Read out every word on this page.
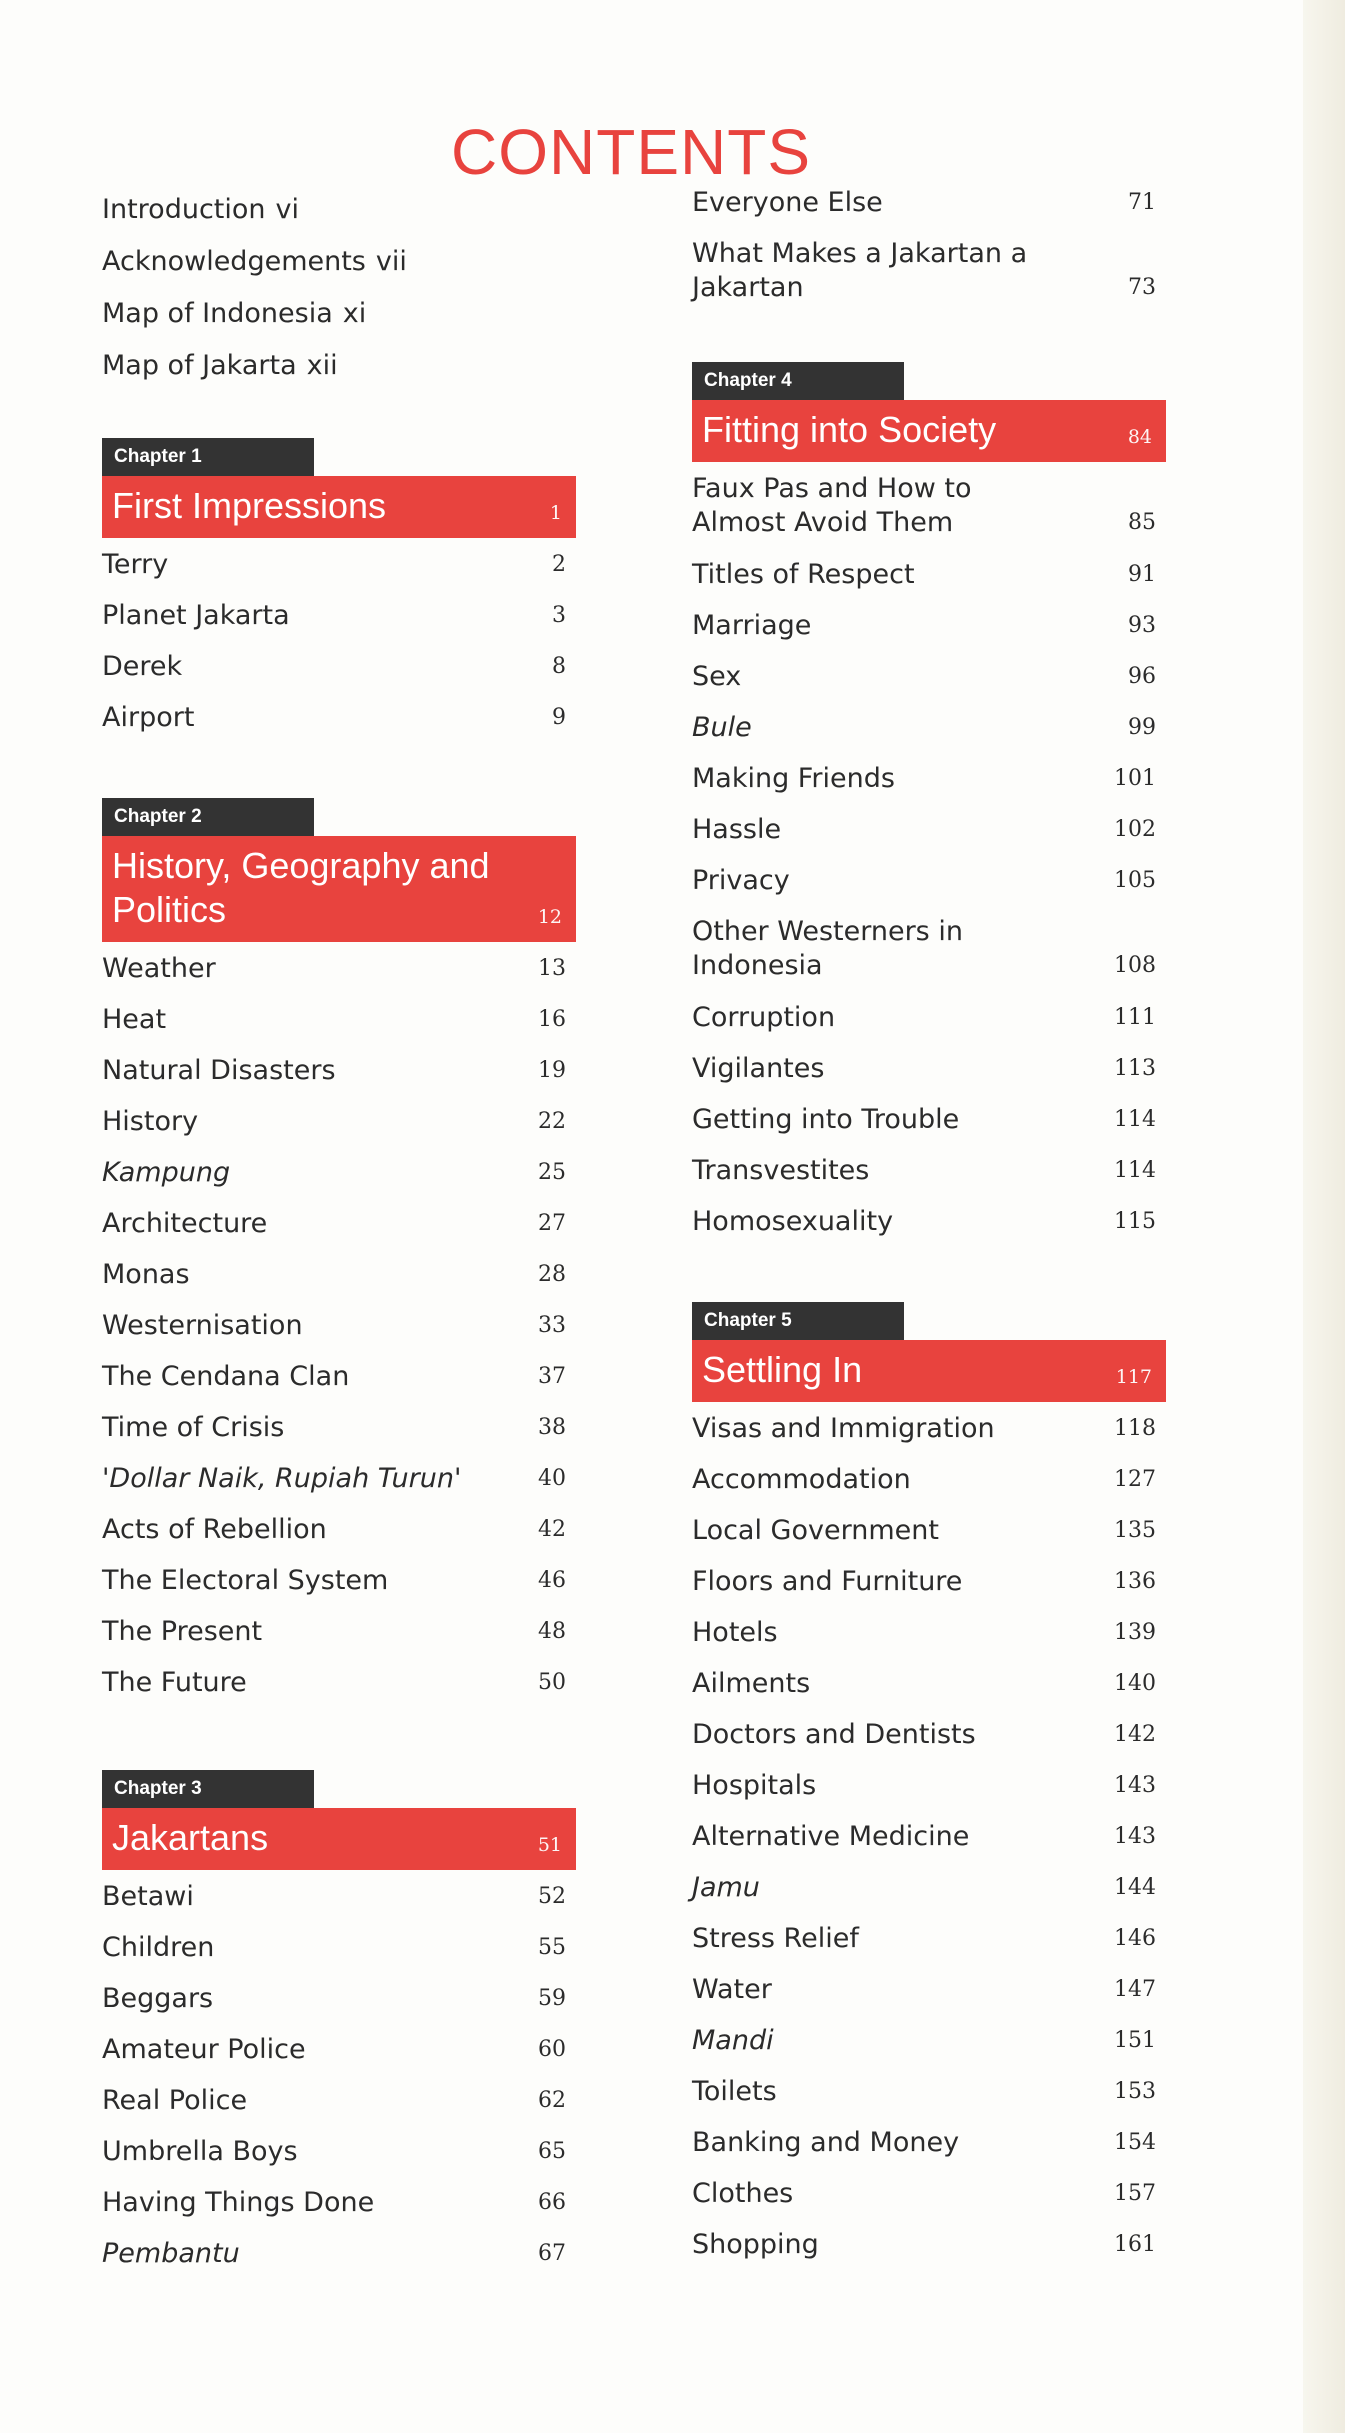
CONTENTS
Introduction vi
Acknowledgements vii
Map of Indonesia xi
Map of Jakarta xii
Chapter 1
First Impressions	1
Terry	2
Planet Jakarta	3
Derek	8
Airport	9
Chapter 2
History, Geography and Politics	12
Weather	13
Heat	16
Natural Disasters	19
History	22
Kampung	25
Architecture	27
Monas	28
Westernisation	33
The Cendana Clan	37
Time of Crisis	38
'Dollar Naik, Rupiah Turun'	40
Acts of Rebellion	42
The Electoral System	46
The Present	48
The Future	50
Chapter 3
Jakartans	51
Betawi	52
Children	55
Beggars	59
Amateur Police	60
Real Police	62
Umbrella Boys	65
Having Things Done	66
Pembantu	67
Everyone Else	71
What Makes a Jakartan a Jakartan	73
Chapter 4
Fitting into Society	84
Faux Pas and How to Almost Avoid Them	85
Titles of Respect	91
Marriage	93
Sex	96
Bule	99
Making Friends	101
Hassle	102
Privacy	105
Other Westerners in Indonesia	108
Corruption	111
Vigilantes	113
Getting into Trouble	114
Transvestites	114
Homosexuality	115
Chapter 5
Settling In	117
Visas and Immigration	118
Accommodation	127
Local Government	135
Floors and Furniture	136
Hotels	139
Ailments	140
Doctors and Dentists	142
Hospitals	143
Alternative Medicine	143
Jamu	144
Stress Relief	146
Water	147
Mandi	151
Toilets	153
Banking and Money	154
Clothes	157
Shopping	161
